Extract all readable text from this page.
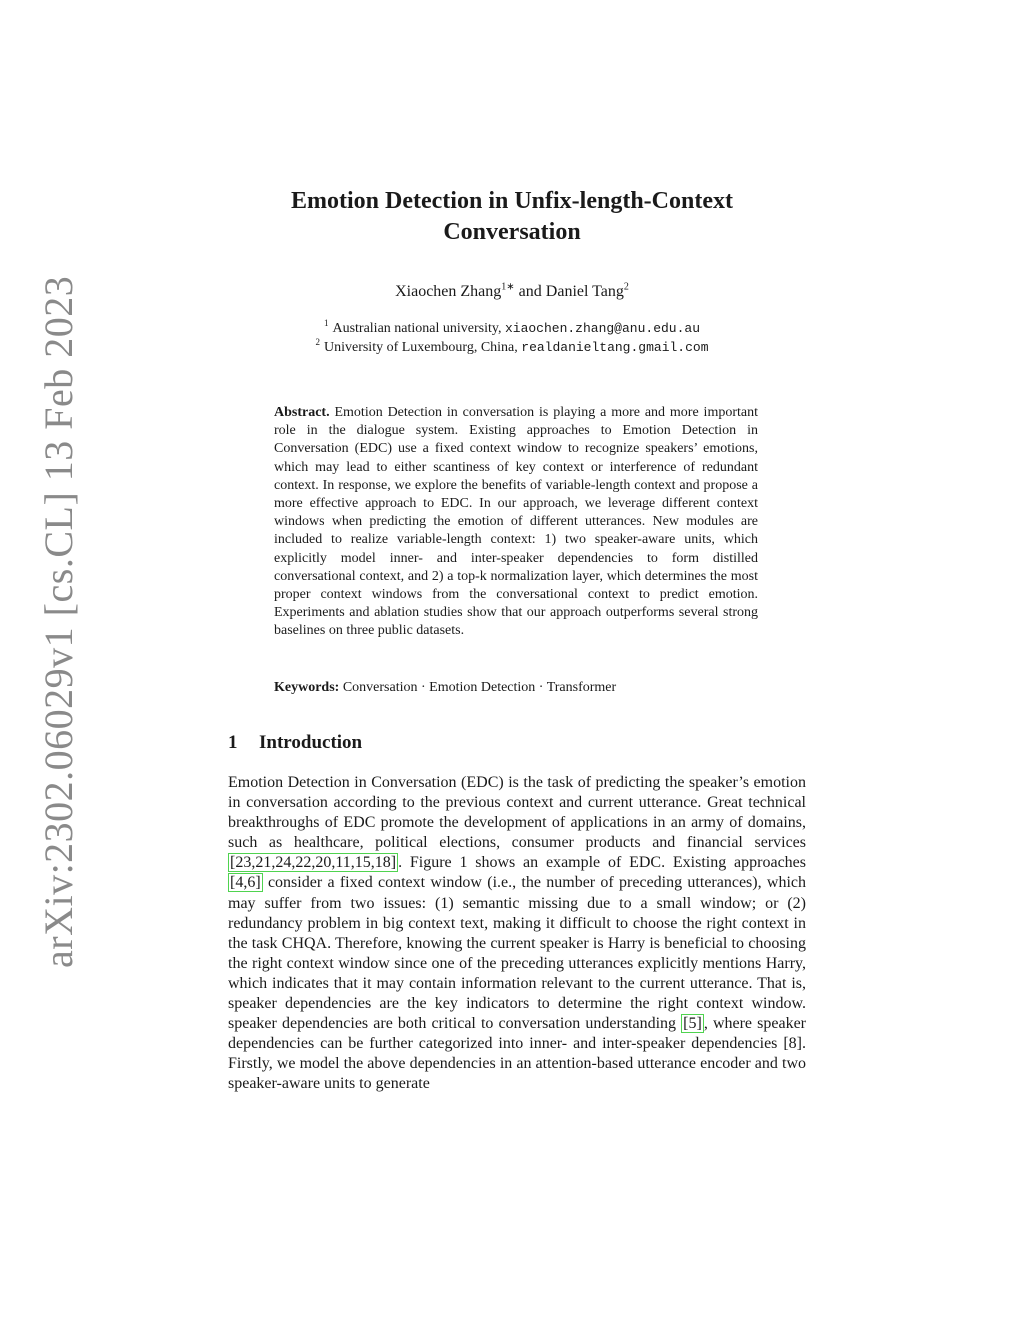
arXiv:2302.06029v1 [cs.CL] 13 Feb 2023
Emotion Detection in Unfix-length-Context
Conversation
Xiaochen Zhang$^{1∗}$ and Daniel Tang$^2$
$^1$ Australian national university, xiaochen.zhang@anu.edu.au
$^2$ University of Luxembourg, China, realdanieltang.gmail.com
Abstract. Emotion Detection in conversation is playing a more and more important role in the dialogue system. Existing approaches to Emotion Detection in Conversation (EDC) use a fixed context window to recognize speakers’ emotions, which may lead to either scantiness of key context or interference of redundant context. In response, we explore the benefits of variable-length context and propose a more effective approach to EDC. In our approach, we leverage different context windows when predicting the emotion of different utterances. New modules are included to realize variable-length context: 1) two speaker-aware units, which explicitly model inner- and inter-speaker dependencies to form distilled conversational context, and 2) a top-k normalization layer, which determines the most proper context windows from the conversational context to predict emotion. Experiments and ablation studies show that our approach outperforms several strong baselines on three public datasets.
Keywords: Conversation · Emotion Detection · Transformer
1 Introduction
Emotion Detection in Conversation (EDC) is the task of predicting the speaker’s emotion in conversation according to the previous context and current utterance. Great technical breakthroughs of EDC promote the development of applications in an army of domains, such as healthcare, political elections, consumer products and financial services [23,21,24,22,20,11,15,18] . Figure 1 shows an example of EDC. Existing approaches [4,6] consider a fixed context window (i.e., the number of preceding utterances), which may suffer from two issues: (1) semantic missing due to a small window; or (2) redundancy problem in big context text, making it difficult to choose the right context in the task CHQA. Therefore, knowing the current speaker is Harry is beneficial to choosing the right context window since one of the preceding utterances explicitly mentions Harry, which indicates that it may contain information relevant to the current utterance. That is, speaker dependencies are the key indicators to determine the right context window. speaker dependencies are both critical to conversation understanding [5] , where speaker dependencies can be further categorized into inner- and inter-speaker dependencies [8]. Firstly, we model the above dependencies in an attention-based utterance encoder and two speaker-aware units to generate
